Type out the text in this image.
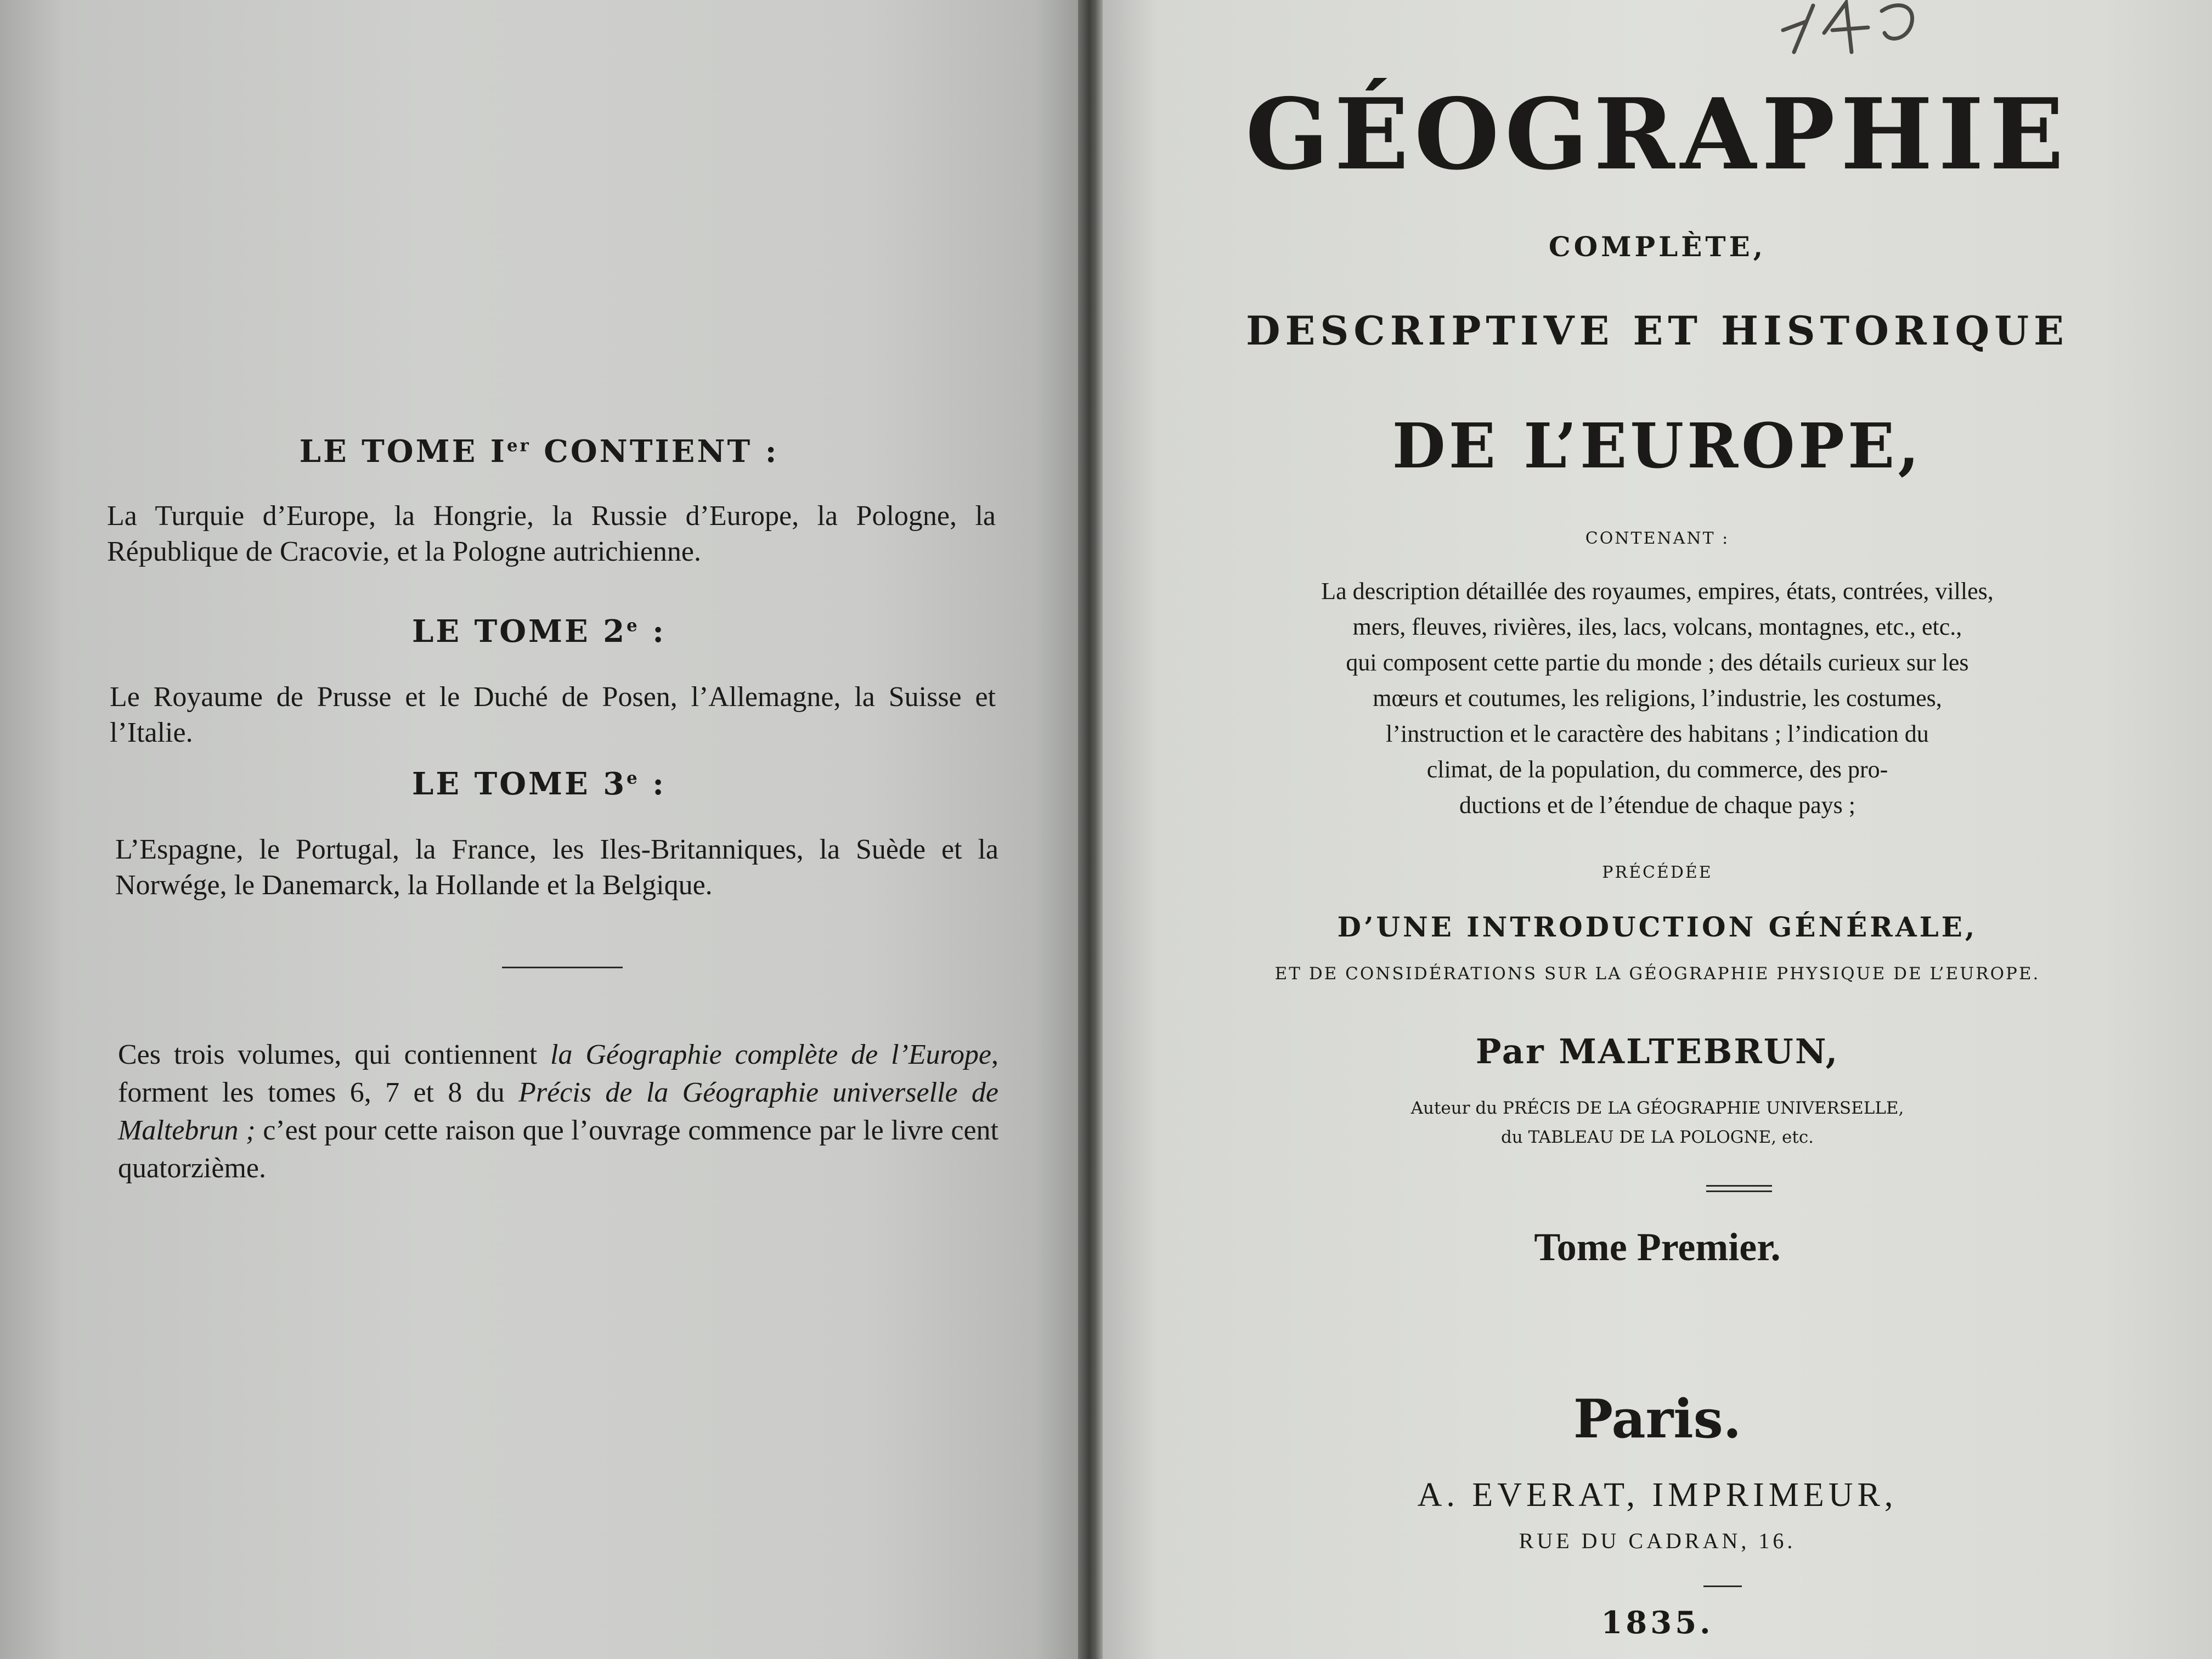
LE TOME Ier CONTIENT :
La Turquie d’Europe, la Hongrie, la Russie d’Europe, la Pologne, la République de Cracovie, et la Pologne autrichienne.
LE TOME 2e :
Le Royaume de Prusse et le Duché de Posen, l’Allemagne, la Suisse et l’Italie.
LE TOME 3e :
L’Espagne, le Portugal, la France, les Iles-Britanniques, la Suède et la Norwége, le Danemarck, la Hollande et la Belgique.
Ces trois volumes, qui contiennent la Géographie complète de l’Europe, forment les tomes 6, 7 et 8 du Précis de la Géographie universelle de Maltebrun ; c’est pour cette raison que l’ouvrage commence par le livre cent quatorzième.
GÉOGRAPHIE
COMPLÈTE,
DESCRIPTIVE ET HISTORIQUE
DE L’EUROPE,
CONTENANT :
La description détaillée des royaumes, empires, états, contrées, villes,
mers, fleuves, rivières, iles, lacs, volcans, montagnes, etc., etc.,
qui composent cette partie du monde ; des détails curieux sur les
mœurs et coutumes, les religions, l’industrie, les costumes,
l’instruction et le caractère des habitans ; l’indication du
climat, de la population, du commerce, des pro-
ductions et de l’étendue de chaque pays ;
PRÉCÉDÉE
D’UNE INTRODUCTION GÉNÉRALE,
ET DE CONSIDÉRATIONS SUR LA GÉOGRAPHIE PHYSIQUE DE L’EUROPE.
Par MALTEBRUN,
Auteur du PRÉCIS DE LA GÉOGRAPHIE UNIVERSELLE,
du TABLEAU DE LA POLOGNE, etc.
Tome Premier.
Paris.
A. EVERAT, IMPRIMEUR,
RUE DU CADRAN, 16.
1835.
14
